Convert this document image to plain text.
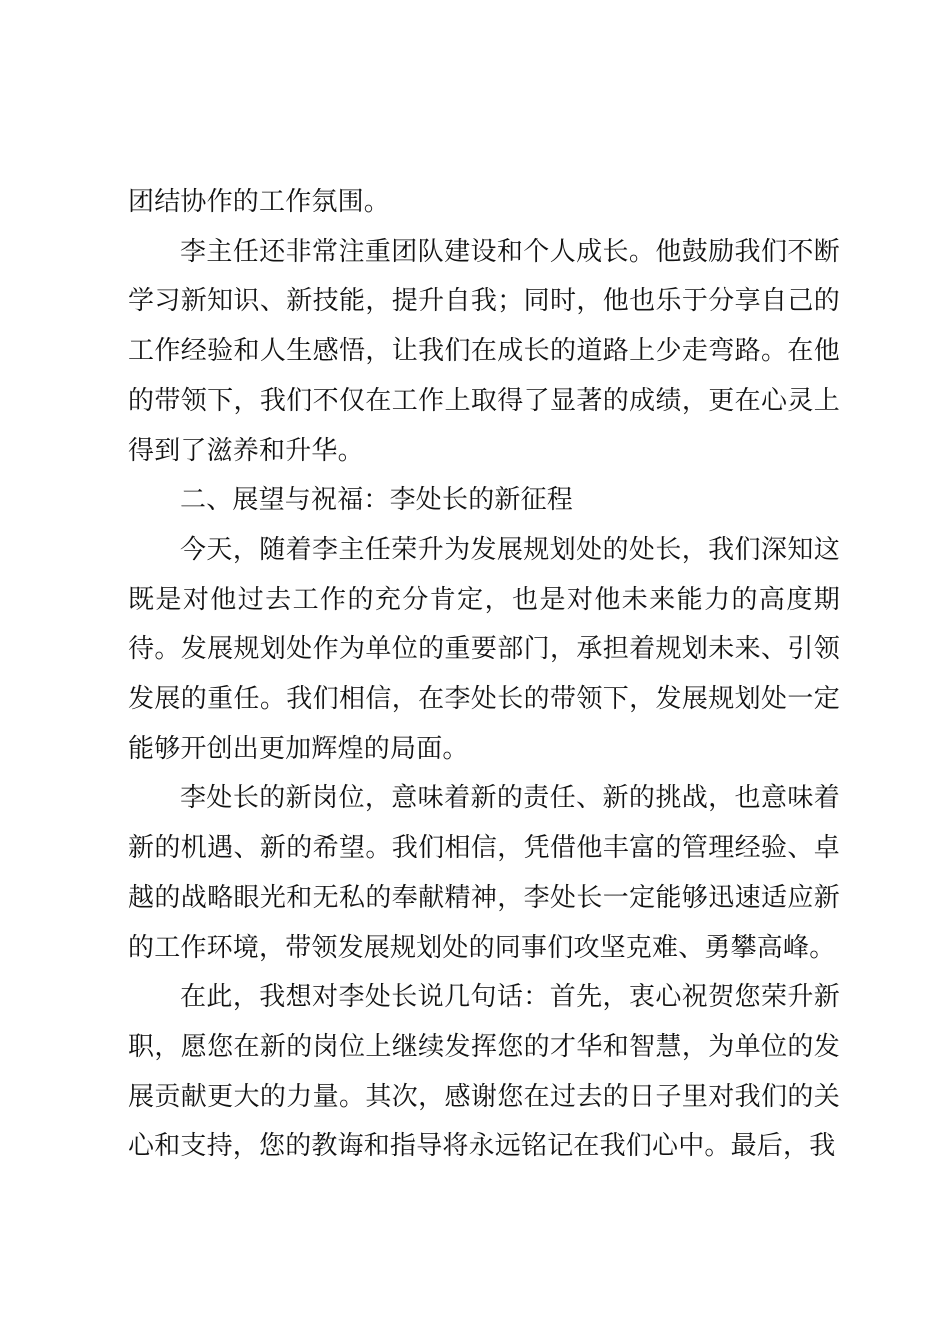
团结协作的工作氛围。

李主任还非常注重团队建设和个人成长。他鼓励我们不断学习新知识、新技能，提升自我；同时，他也乐于分享自己的工作经验和人生感悟，让我们在成长的道路上少走弯路。在他的带领下，我们不仅在工作上取得了显著的成绩，更在心灵上得到了滋养和升华。

二、展望与祝福：李处长的新征程

今天，随着李主任荣升为发展规划处的处长，我们深知这既是对他过去工作的充分肯定，也是对他未来能力的高度期待。发展规划处作为单位的重要部门，承担着规划未来、引领发展的重任。我们相信，在李处长的带领下，发展规划处一定能够开创出更加辉煌的局面。

李处长的新岗位，意味着新的责任、新的挑战，也意味着新的机遇、新的希望。我们相信，凭借他丰富的管理经验、卓越的战略眼光和无私的奉献精神，李处长一定能够迅速适应新的工作环境，带领发展规划处的同事们攻坚克难、勇攀高峰。

在此，我想对李处长说几句话：首先，衷心祝贺您荣升新职，愿您在新的岗位上继续发挥您的才华和智慧，为单位的发展贡献更大的力量。其次，感谢您在过去的日子里对我们的关心和支持，您的教诲和指导将永远铭记在我们心中。最后，我
